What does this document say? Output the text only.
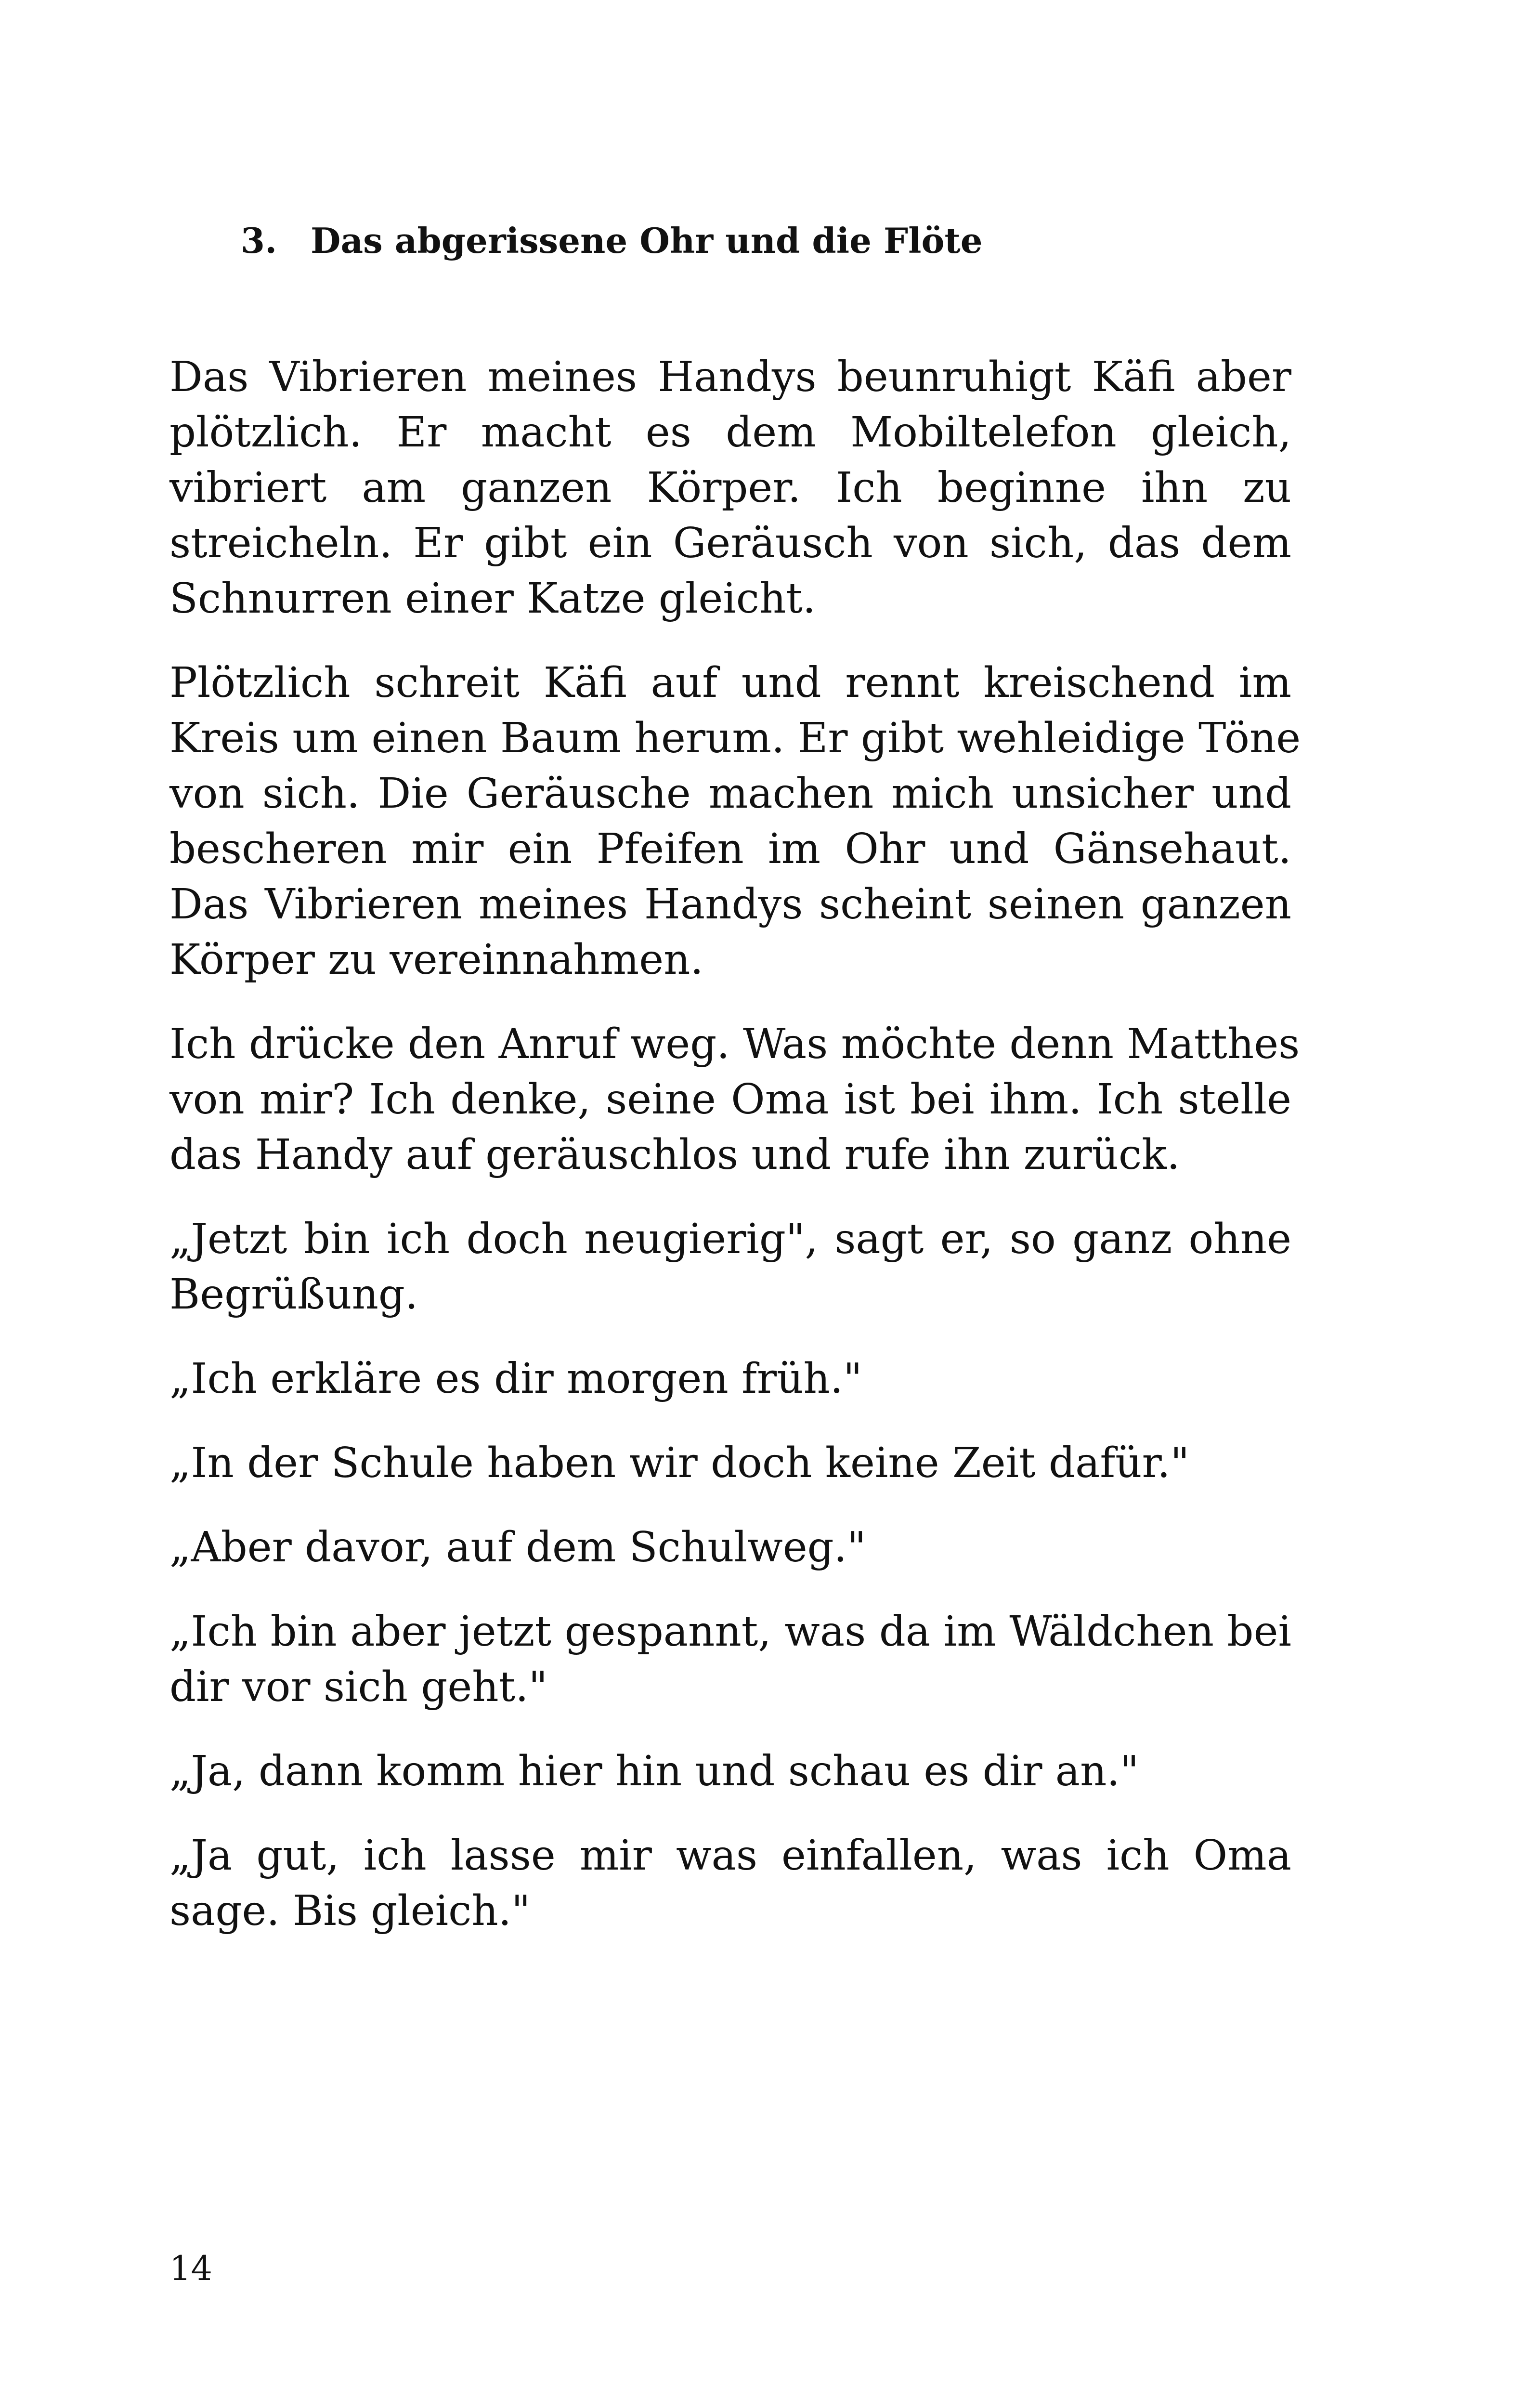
3. Das abgerissene Ohr und die Flöte

Das Vibrieren meines Handys beunruhigt Käfi aber
plötzlich. Er macht es dem Mobiltelefon gleich,
vibriert am ganzen Körper. Ich beginne ihn zu
streicheln. Er gibt ein Geräusch von sich, das dem
Schnurren einer Katze gleicht.

Plötzlich schreit Käfi auf und rennt kreischend im
Kreis um einen Baum herum. Er gibt wehleidige Töne
von sich. Die Geräusche machen mich unsicher und
bescheren mir ein Pfeifen im Ohr und Gänsehaut.
Das Vibrieren meines Handys scheint seinen ganzen
Körper zu vereinnahmen.

Ich drücke den Anruf weg. Was möchte denn Matthes
von mir? Ich denke, seine Oma ist bei ihm. Ich stelle
das Handy auf geräuschlos und rufe ihn zurück.

„Jetzt bin ich doch neugierig", sagt er, so ganz ohne
Begrüßung.

„Ich erkläre es dir morgen früh."

„In der Schule haben wir doch keine Zeit dafür."

„Aber davor, auf dem Schulweg."

„Ich bin aber jetzt gespannt, was da im Wäldchen bei
dir vor sich geht."

„Ja, dann komm hier hin und schau es dir an."

„Ja gut, ich lasse mir was einfallen, was ich Oma
sage. Bis gleich."

14
